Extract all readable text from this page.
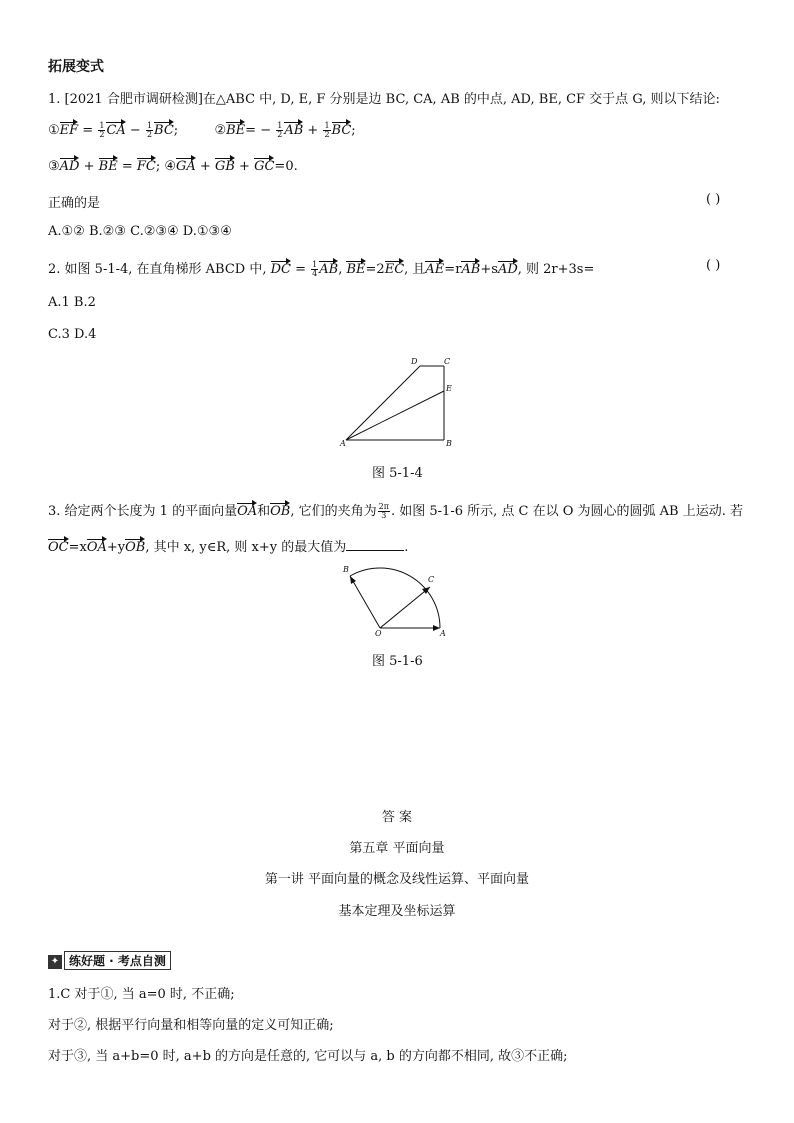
拓展变式
1. [2021 合肥市调研检测]在△ABC 中, D, E, F 分别是边 BC, CA, AB 的中点, AD, BE, CF 交于点 G, 则以下结论:
①EF = $\frac{1}{2}$ CA − $\frac{1}{2}$ BC;	②BE= − $\frac{1}{2}$ AB + $\frac{1}{2}$ BC;
③AD + BE = FC; ④GA + GB + GC=0.
正确的是	( )
A.①② B.②③ C.②③④ D.①③④
2. 如图 5-1-4, 在直角梯形 ABCD 中, DC = $\frac{1}{4}$ AB, BE=2EC, 且AE=rAB+sAD, 则 2r+3s=	( )
A.1 B.2
C.3 D.4
A	B
C
D
E
图 5-1-4
3. 给定两个长度为 1 的平面向量OA和OB, 它们的夹角为 $\frac{2\pi}{3}$ . 如图 5-1-6 所示, 点 C 在以 O 为圆心的圆弧 AB 上运动. 若
OC=xOA+yOB, 其中 x, y∈R, 则 x+y 的最大值为	.
A
B
C
O
图 5-1-6
答 案
第五章 平面向量
第一讲 平面向量的概念及线性运算、平面向量
基本定理及坐标运算
✦ 练好题 · 考点自测
1.C 对于①, 当 a=0 时, 不正确;
对于②, 根据平行向量和相等向量的定义可知正确;
对于③, 当 a+b=0 时, a+b 的方向是任意的, 它可以与 a, b 的方向都不相同, 故③不正确;
